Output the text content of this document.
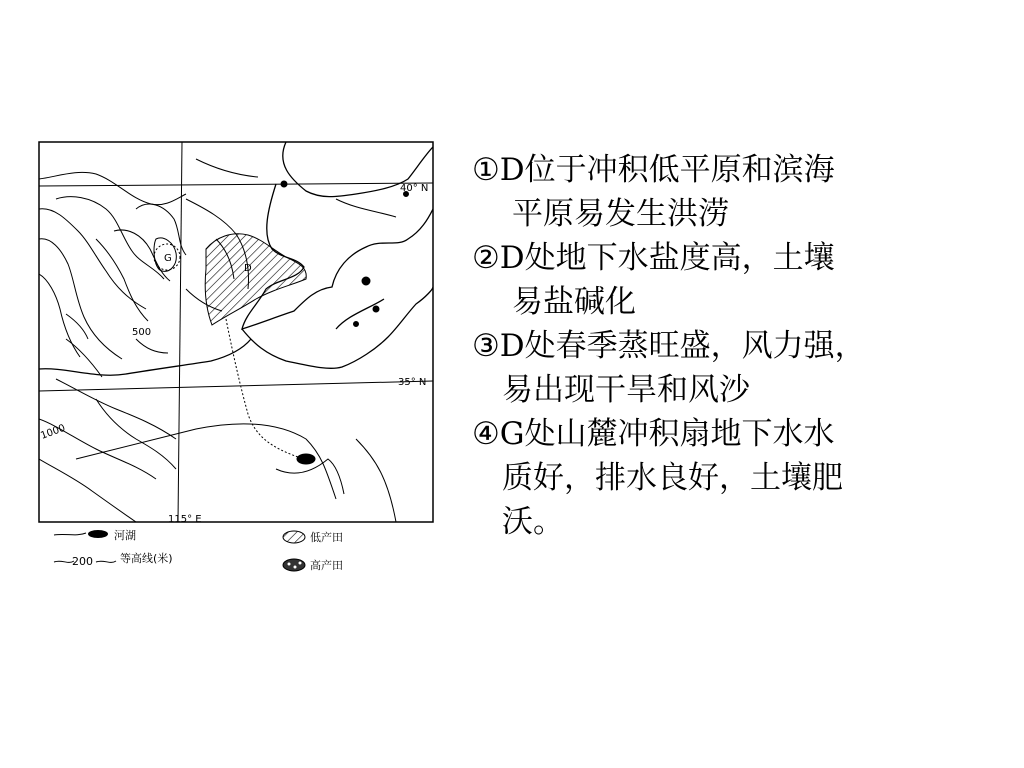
40° N
35° N
115° E
G
D
1000
500
河湖
200 等高线(米)
低产田
高产田
①D位于冲积低平原和滨海
平原易发生洪涝
②D处地下水盐度高，土壤
易盐碱化
③D处春季蒸旺盛，风力强，
易出现干旱和风沙
④G处山麓冲积扇地下水水
质好，排水良好，土壤肥
沃。
